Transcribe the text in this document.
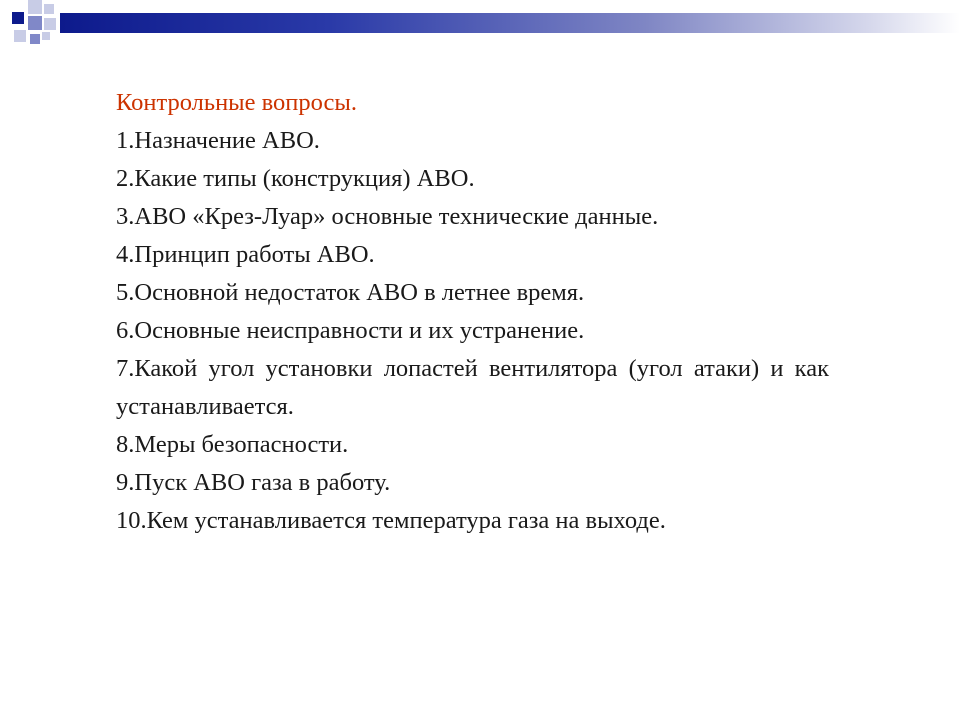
Контрольные вопросы.

1.Назначение АВО.
2.Какие типы (конструкция) АВО.
3.АВО «Крез-Луар» основные технические данные.
4.Принцип работы АВО.
5.Основной недостаток АВО в летнее время.
6.Основные неисправности и их устранение.
7.Какой угол установки лопастей вентилятора (угол атаки) и как устанавливается.
8.Меры безопасности.
9.Пуск АВО газа в работу.
10.Кем устанавливается температура газа на выходе.
